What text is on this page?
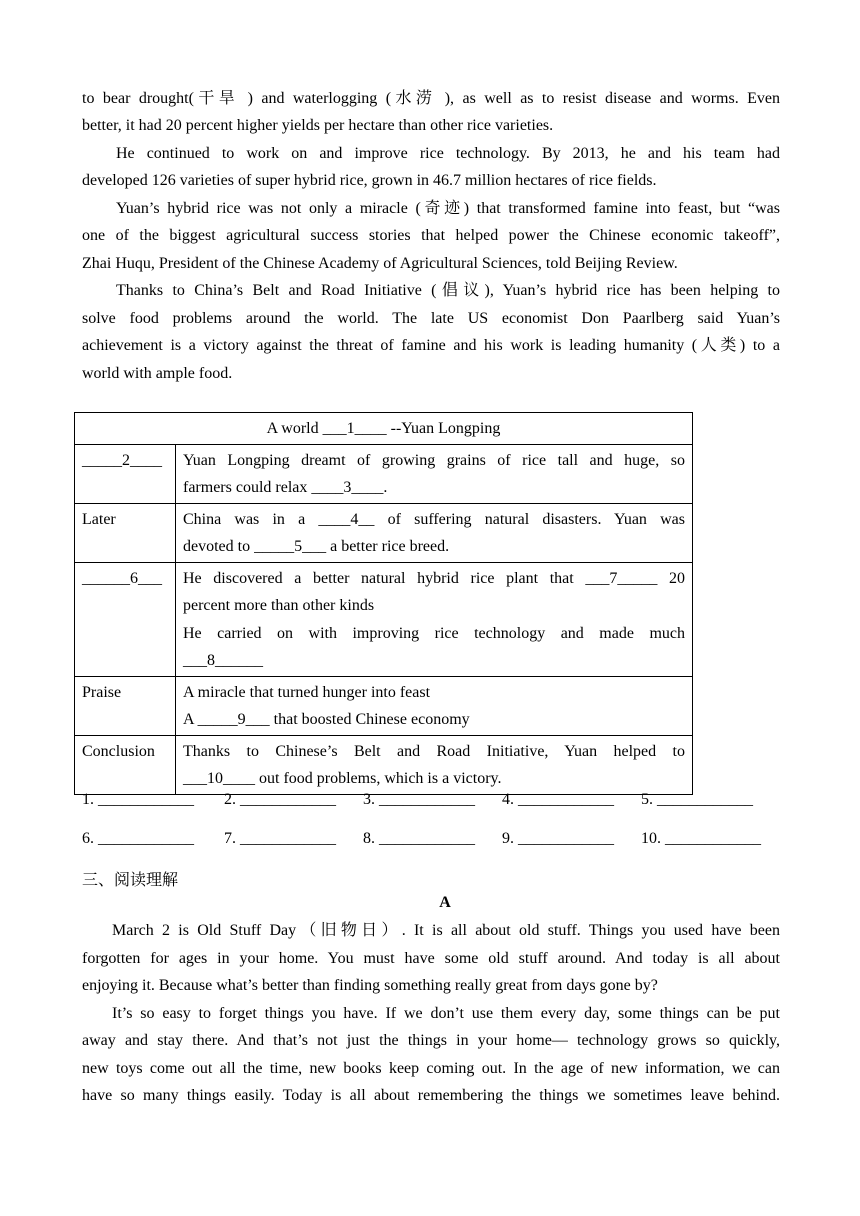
to bear drought(干旱 ) and waterlogging (水涝 ), as well as to resist disease and worms. Even
better, it had 20 percent higher yields per hectare than other rice varieties.
He continued to work on and improve rice technology. By 2013, he and his team had
developed 126 varieties of super hybrid rice, grown in 46.7 million hectares of rice fields.
Yuan’s hybrid rice was not only a miracle (奇迹) that transformed famine into feast, but “was
one of the biggest agricultural success stories that helped power the Chinese economic takeoff”,
Zhai Huqu, President of the Chinese Academy of Agricultural Sciences, told Beijing Review.
Thanks to China’s Belt and Road Initiative (倡议), Yuan’s hybrid rice has been helping to
solve food problems around the world. The late US economist Don Paarlberg said Yuan’s
achievement is a victory against the threat of famine and his work is leading humanity (人类) to a
world with ample food.
A world ___1____ --Yuan Longping	
_____2____	Yuan Longping dreamt of growing grains of rice tall and huge, so
farmers could relax ____3____.

Later	China was in a ____4__ of suffering natural disasters. Yuan was
devoted to _____5___ a better rice breed.

______6___	He discovered a better natural hybrid rice plant that ___7_____ 20
percent more than other kinds
He carried on with improving rice technology and made much
___8______

Praise	A miracle that turned hunger into feast
A _____9___ that boosted Chinese economy

Conclusion	Thanks to Chinese’s Belt and Road Initiative, Yuan helped to
___10____ out food problems, which is a victory.
1. ____________ 2. ____________ 3. ____________ 4. ____________ 5. ____________
6. ____________ 7. ____________ 8. ____________ 9. ____________ 10. ____________
三、阅读理解
A
March 2 is Old Stuff Day（旧物日）. It is all about old stuff. Things you used have been
forgotten for ages in your home. You must have some old stuff around. And today is all about
enjoying it. Because what’s better than finding something really great from days gone by?
It’s so easy to forget things you have. If we don’t use them every day, some things can be put
away and stay there. And that’s not just the things in your home— technology grows so quickly,
new toys come out all the time, new books keep coming out. In the age of new information, we can
have so many things easily. Today is all about remembering the things we sometimes leave behind.
